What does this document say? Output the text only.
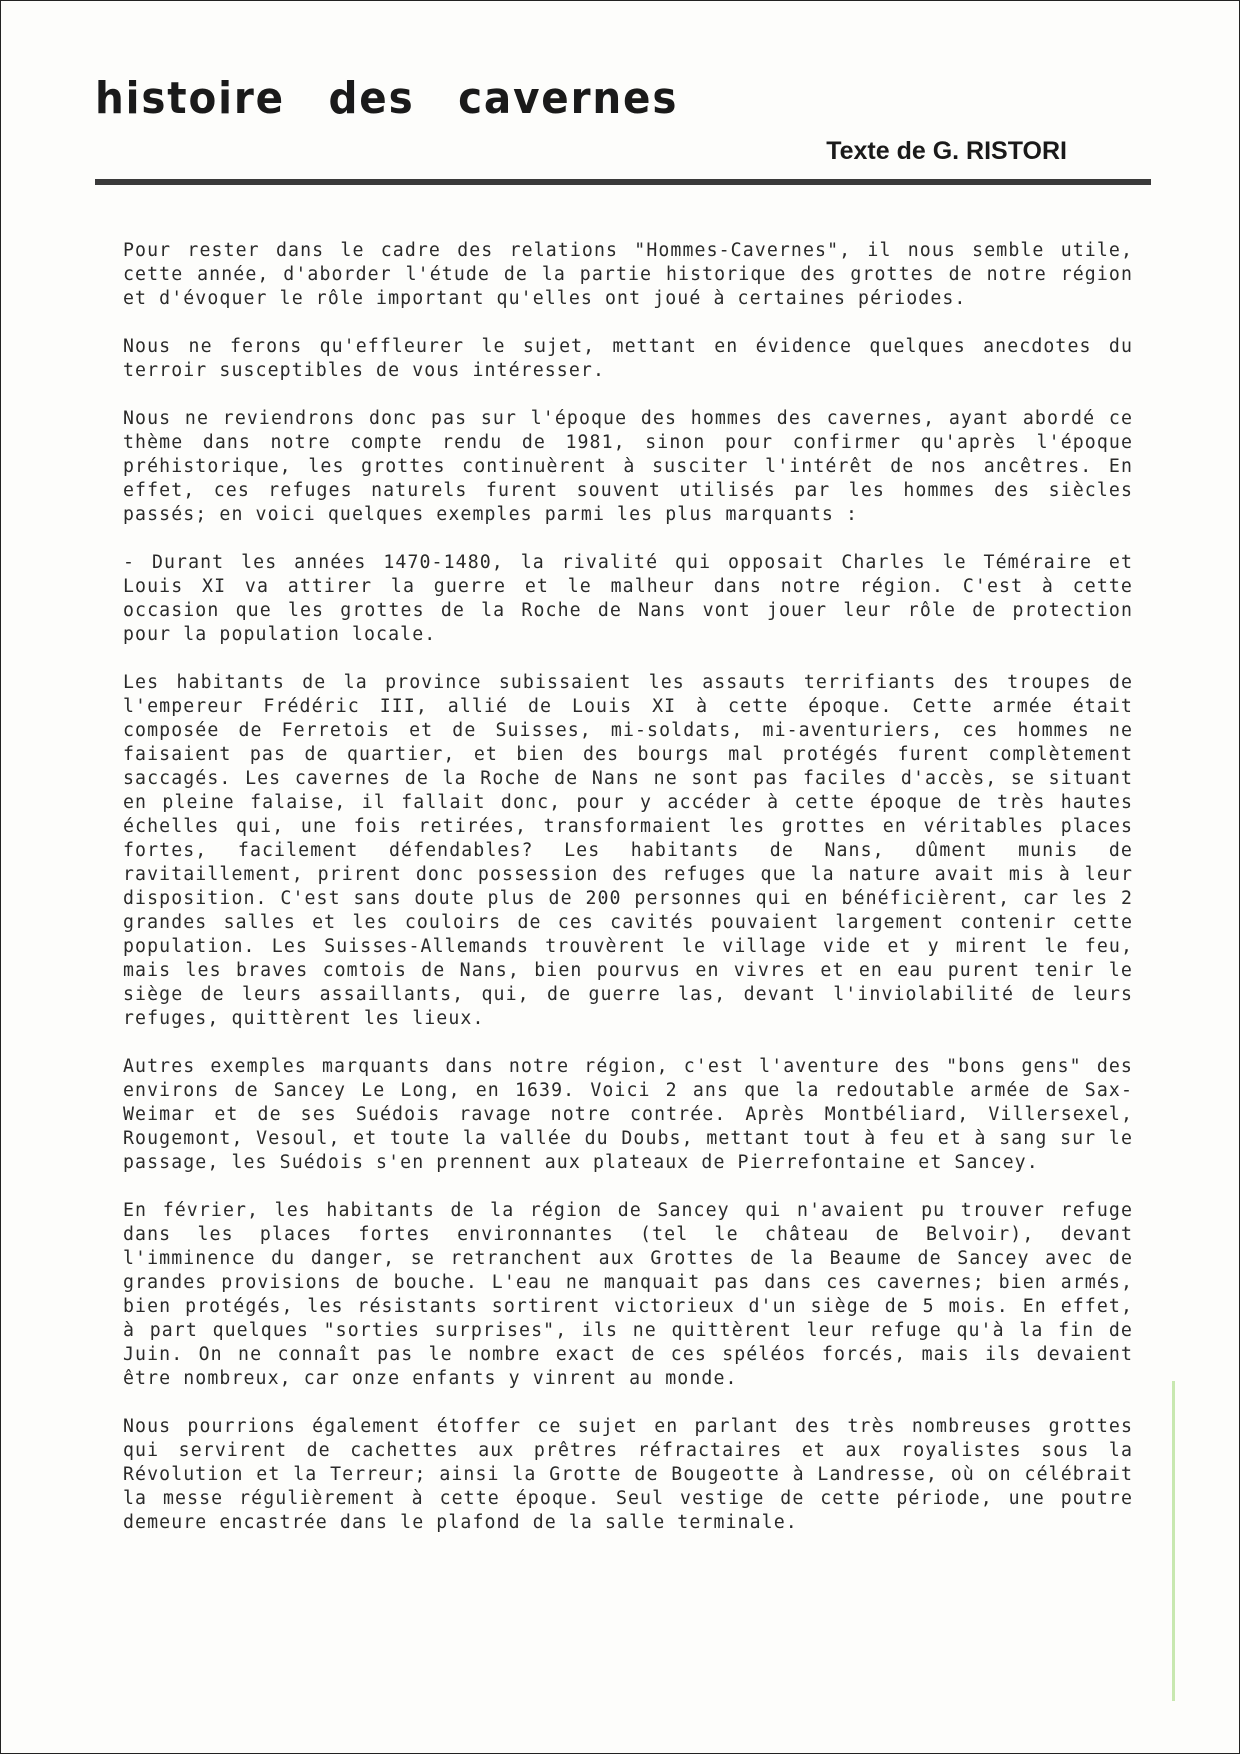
histoire des cavernes
Texte de G. RISTORI

Pour rester dans le cadre des relations "Hommes-Cavernes", il nous semble utile, cette année, d'aborder l'étude de la partie historique des grottes de notre région et d'évoquer le rôle important qu'elles ont joué à certaines périodes.

Nous ne ferons qu'effleurer le sujet, mettant en évidence quelques anecdotes du terroir susceptibles de vous intéresser.

Nous ne reviendrons donc pas sur l'époque des hommes des cavernes, ayant abordé ce thème dans notre compte rendu de 1981, sinon pour confirmer qu'après l'époque préhistorique, les grottes continuèrent à susciter l'intérêt de nos ancêtres. En effet, ces refuges naturels furent souvent utilisés par les hommes des siècles passés; en voici quelques exemples parmi les plus marquants :

- Durant les années 1470-1480, la rivalité qui opposait Charles le Téméraire et Louis XI va attirer la guerre et le malheur dans notre région. C'est à cette occasion que les grottes de la Roche de Nans vont jouer leur rôle de protection pour la population locale.

Les habitants de la province subissaient les assauts terrifiants des troupes de l'empereur Frédéric III, allié de Louis XI à cette époque. Cette armée était composée de Ferretois et de Suisses, mi-soldats, mi-aventuriers, ces hommes ne faisaient pas de quartier, et bien des bourgs mal protégés furent complètement saccagés. Les cavernes de la Roche de Nans ne sont pas faciles d'accès, se situant en pleine falaise, il fallait donc, pour y accéder à cette époque de très hautes échelles qui, une fois retirées, transformaient les grottes en véritables places fortes, facilement défendables? Les habitants de Nans, dûment munis de ravitaillement, prirent donc possession des refuges que la nature avait mis à leur disposition. C'est sans doute plus de 200 personnes qui en bénéficièrent, car les 2 grandes salles et les couloirs de ces cavités pouvaient largement contenir cette population. Les Suisses-Allemands trouvèrent le village vide et y mirent le feu, mais les braves comtois de Nans, bien pourvus en vivres et en eau purent tenir le siège de leurs assaillants, qui, de guerre las, devant l'inviolabilité de leurs refuges, quittèrent les lieux.

Autres exemples marquants dans notre région, c'est l'aventure des "bons gens" des environs de Sancey Le Long, en 1639. Voici 2 ans que la redoutable armée de Sax-Weimar et de ses Suédois ravage notre contrée. Après Montbéliard, Villersexel, Rougemont, Vesoul, et toute la vallée du Doubs, mettant tout à feu et à sang sur le passage, les Suédois s'en prennent aux plateaux de Pierrefontaine et Sancey.

En février, les habitants de la région de Sancey qui n'avaient pu trouver refuge dans les places fortes environnantes (tel le château de Belvoir), devant l'imminence du danger, se retranchent aux Grottes de la Beaume de Sancey avec de grandes provisions de bouche. L'eau ne manquait pas dans ces cavernes; bien armés, bien protégés, les résistants sortirent victorieux d'un siège de 5 mois. En effet, à part quelques "sorties surprises", ils ne quittèrent leur refuge qu'à la fin de Juin. On ne connaît pas le nombre exact de ces spéléos forcés, mais ils devaient être nombreux, car onze enfants y vinrent au monde.

Nous pourrions également étoffer ce sujet en parlant des très nombreuses grottes qui servirent de cachettes aux prêtres réfractaires et aux royalistes sous la Révolution et la Terreur; ainsi la Grotte de Bougeotte à Landresse, où on célébrait la messe régulièrement à cette époque. Seul vestige de cette période, une poutre demeure encastrée dans le plafond de la salle terminale.
